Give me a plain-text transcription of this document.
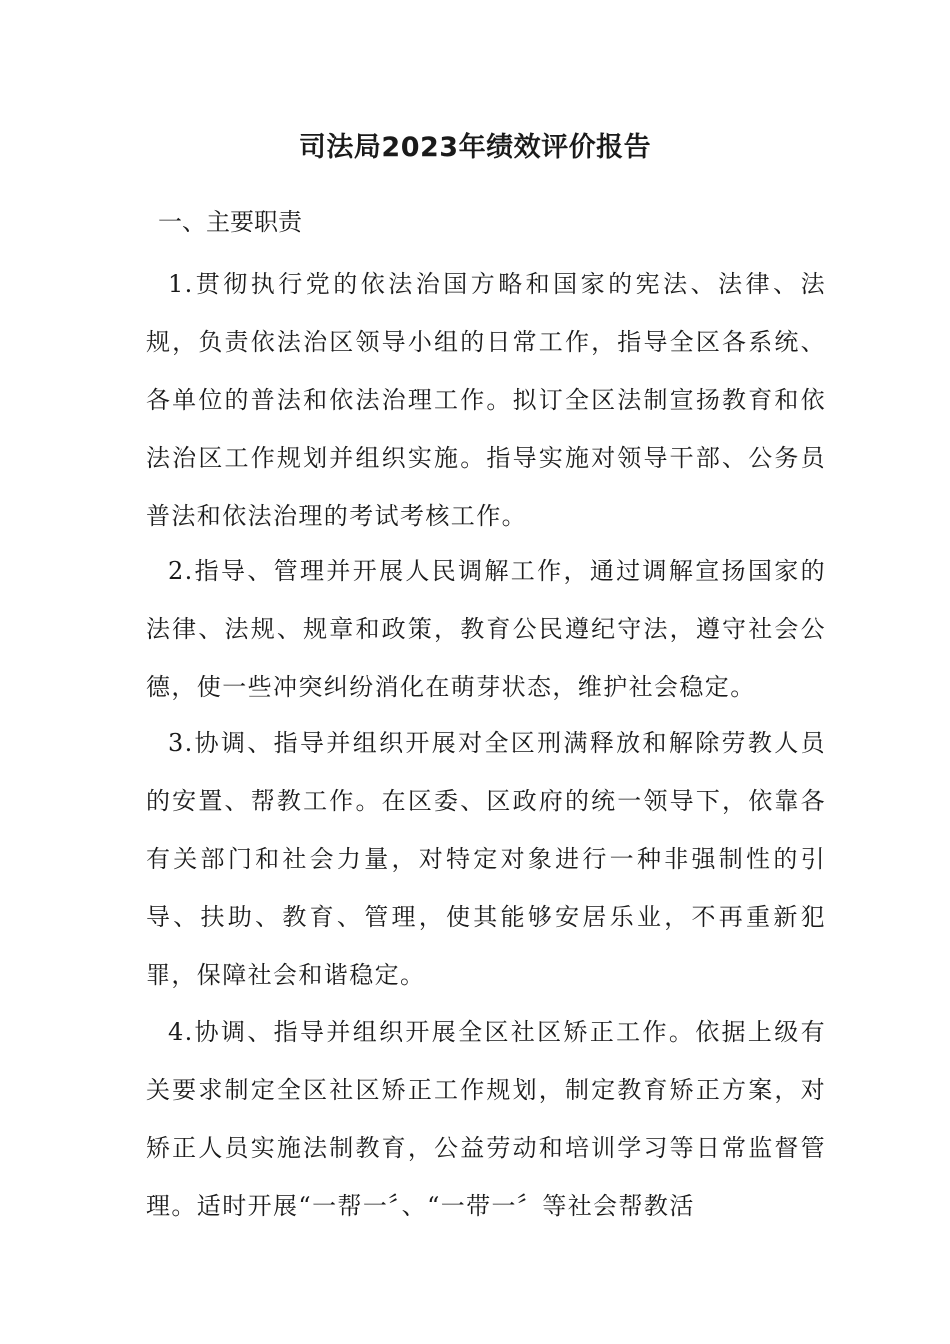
司法局2023年绩效评价报告
一、主要职责

1.贯彻执行党的依法治国方略和国家的宪法、法律、法规，负责依法治区领导小组的日常工作，指导全区各系统、各单位的普法和依法治理工作。拟订全区法制宣扬教育和依法治区工作规划并组织实施。指导实施对领导干部、公务员普法和依法治理的考试考核工作。

2.指导、管理并开展人民调解工作，通过调解宣扬国家的法律、法规、规章和政策，教育公民遵纪守法，遵守社会公德，使一些冲突纠纷消化在萌芽状态，维护社会稳定。

3.协调、指导并组织开展对全区刑满释放和解除劳教人员的安置、帮教工作。在区委、区政府的统一领导下，依靠各有关部门和社会力量，对特定对象进行一种非强制性的引导、扶助、教育、管理，使其能够安居乐业，不再重新犯罪，保障社会和谐稳定。

4.协调、指导并组织开展全区社区矫正工作。依据上级有关要求制定全区社区矫正工作规划，制定教育矫正方案，对矫正人员实施法制教育，公益劳动和培训学习等日常监督管理。适时开展“一帮一〞、“一带一〞等社会帮教活
